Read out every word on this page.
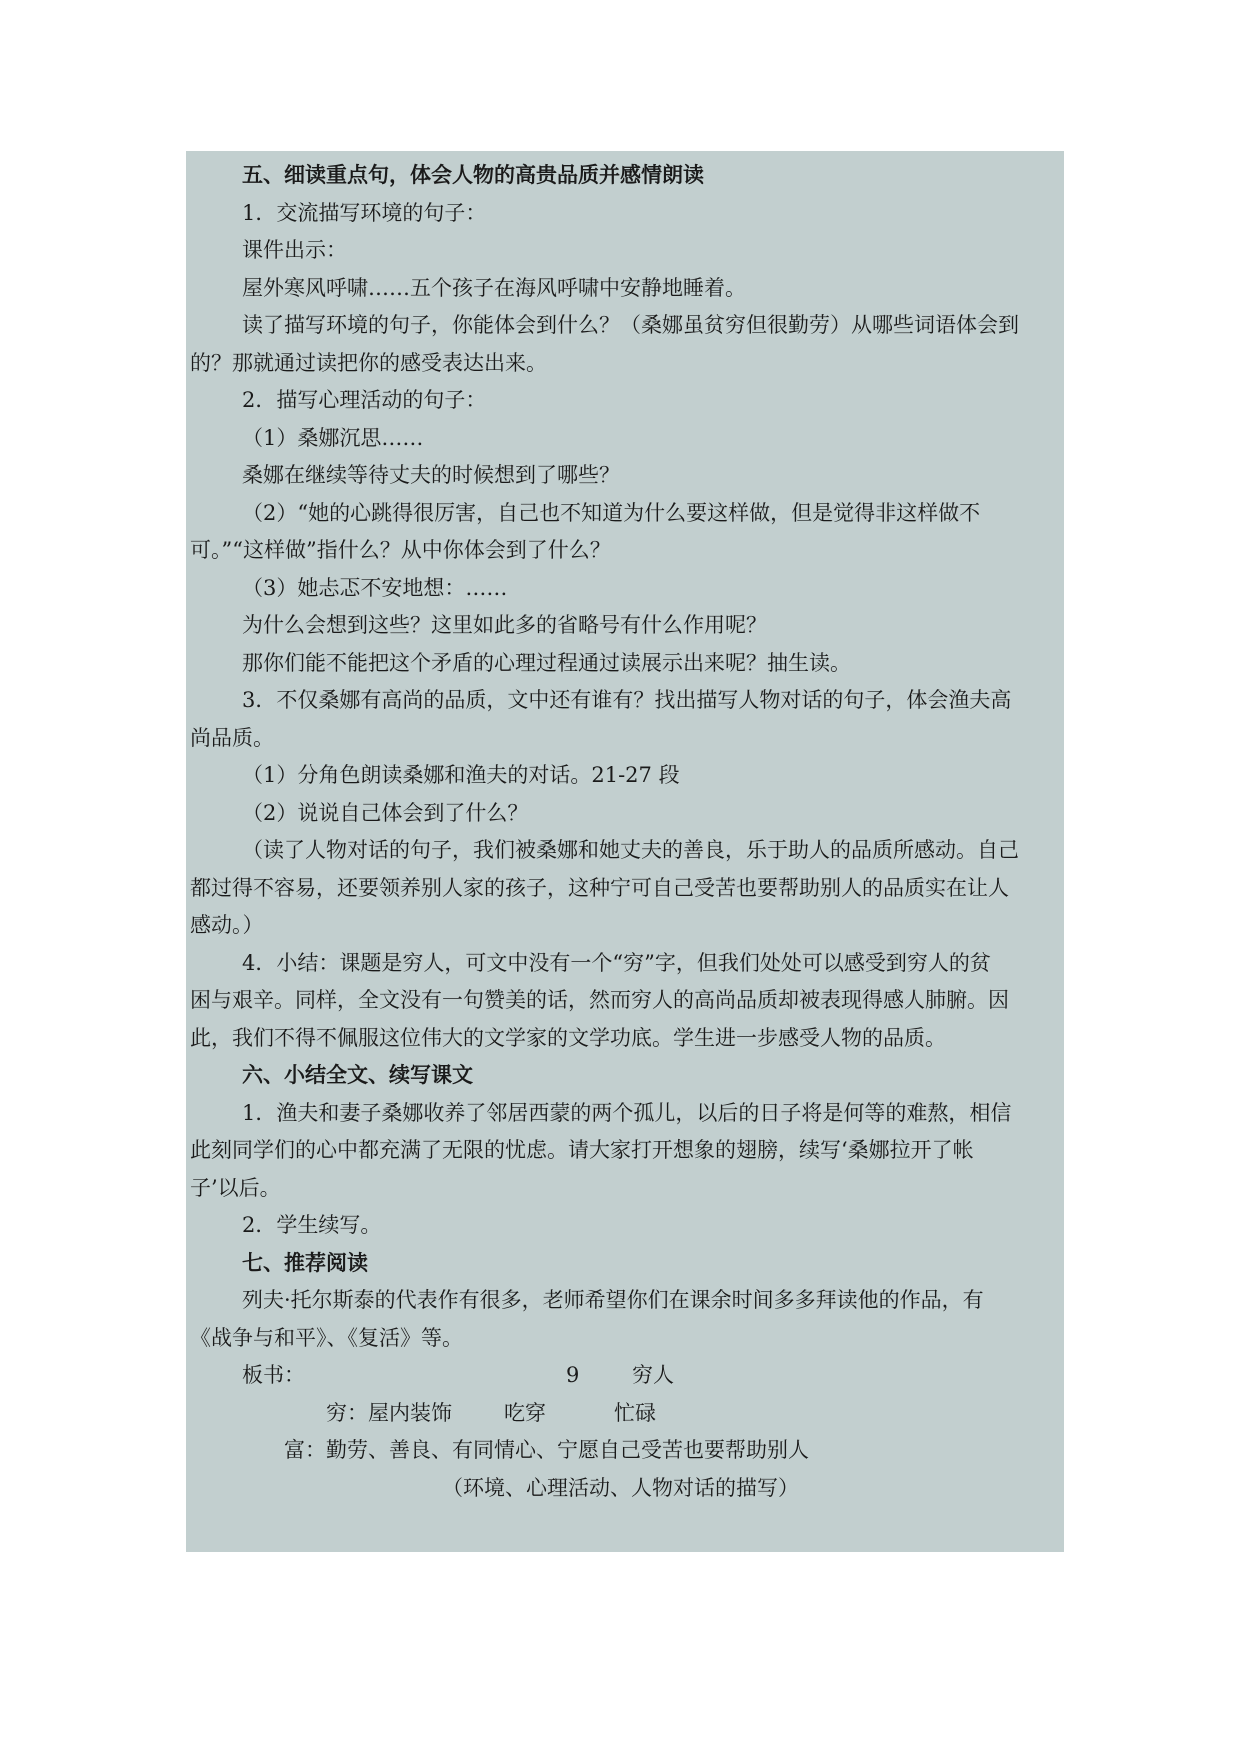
五、细读重点句，体会人物的高贵品质并感情朗读

1．交流描写环境的句子：

课件出示：

屋外寒风呼啸……五个孩子在海风呼啸中安静地睡着。

读了描写环境的句子，你能体会到什么？（桑娜虽贫穷但很勤劳）从哪些词语体会到

的？那就通过读把你的感受表达出来。

2．描写心理活动的句子：

（1）桑娜沉思……

桑娜在继续等待丈夫的时候想到了哪些？

（2）“她的心跳得很厉害，自己也不知道为什么要这样做，但是觉得非这样做不

可。”“这样做”指什么？从中你体会到了什么？

（3）她忐忑不安地想：……

为什么会想到这些？这里如此多的省略号有什么作用呢？

那你们能不能把这个矛盾的心理过程通过读展示出来呢？抽生读。

3．不仅桑娜有高尚的品质，文中还有谁有？找出描写人物对话的句子，体会渔夫高

尚品质。

（1）分角色朗读桑娜和渔夫的对话。21-27 段

（2）说说自己体会到了什么？

（读了人物对话的句子，我们被桑娜和她丈夫的善良，乐于助人的品质所感动。自己

都过得不容易，还要领养别人家的孩子，这种宁可自己受苦也要帮助别人的品质实在让人

感动。）

4．小结：课题是穷人，可文中没有一个“穷”字，但我们处处可以感受到穷人的贫

困与艰辛。同样，全文没有一句赞美的话，然而穷人的高尚品质却被表现得感人肺腑。因

此，我们不得不佩服这位伟大的文学家的文学功底。学生进一步感受人物的品质。

六、小结全文、续写课文

1．渔夫和妻子桑娜收养了邻居西蒙的两个孤儿，以后的日子将是何等的难熬，相信

此刻同学们的心中都充满了无限的忧虑。请大家打开想象的翅膀，续写‘桑娜拉开了帐

子’以后。

2．学生续写。

七、推荐阅读

列夫·托尔斯泰的代表作有很多，老师希望你们在课余时间多多拜读他的作品，有

《战争与和平》、《复活》等。

板书：	9	穷人
穷： 屋内装饰 吃穿	忙碌
富： 勤劳、善良、有同情心、宁愿自己受苦也要帮助别人
（环境、心理活动、人物对话的描写）
